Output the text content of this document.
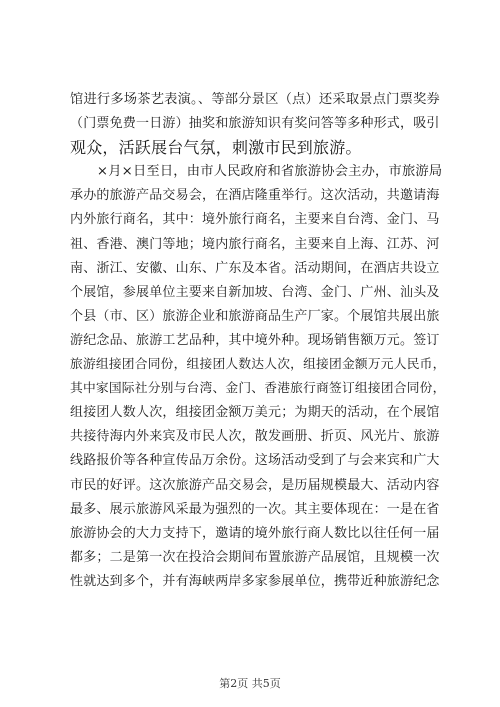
馆进行多场茶艺表演。、等部分景区（点）还采取景点门票奖券
（门票免费一日游）抽奖和旅游知识有奖问答等多种形式，吸引
观众，活跃展台气氛，刺激市民到旅游。
　　×月×日至日，由市人民政府和省旅游协会主办，市旅游局
承办的旅游产品交易会，在酒店隆重举行。这次活动，共邀请海
内外旅行商名，其中：境外旅行商名，主要来自台湾、金门、马
祖、香港、澳门等地；境内旅行商名，主要来自上海、江苏、河
南、浙江、安徽、山东、广东及本省。活动期间，在酒店共设立
个展馆，参展单位主要来自新加坡、台湾、金门、广州、汕头及
个县（市、区）旅游企业和旅游商品生产厂家。个展馆共展出旅
游纪念品、旅游工艺品种，其中境外种。现场销售额万元。签订
旅游组接团合同份，组接团人数达人次，组接团金额万元人民币，
其中家国际社分别与台湾、金门、香港旅行商签订组接团合同份，
组接团人数人次，组接团金额万美元；为期天的活动，在个展馆
共接待海内外来宾及市民人次，散发画册、折页、风光片、旅游
线路报价等各种宣传品万余份。这场活动受到了与会来宾和广大
市民的好评。这次旅游产品交易会，是历届规模最大、活动内容
最多、展示旅游风采最为强烈的一次。其主要体现在：一是在省
旅游协会的大力支持下，邀请的境外旅行商人数比以往任何一届
都多；二是第一次在投洽会期间布置旅游产品展馆，且规模一次
性就达到多个，并有海峡两岸多家参展单位，携带近种旅游纪念
第2页 共5页
